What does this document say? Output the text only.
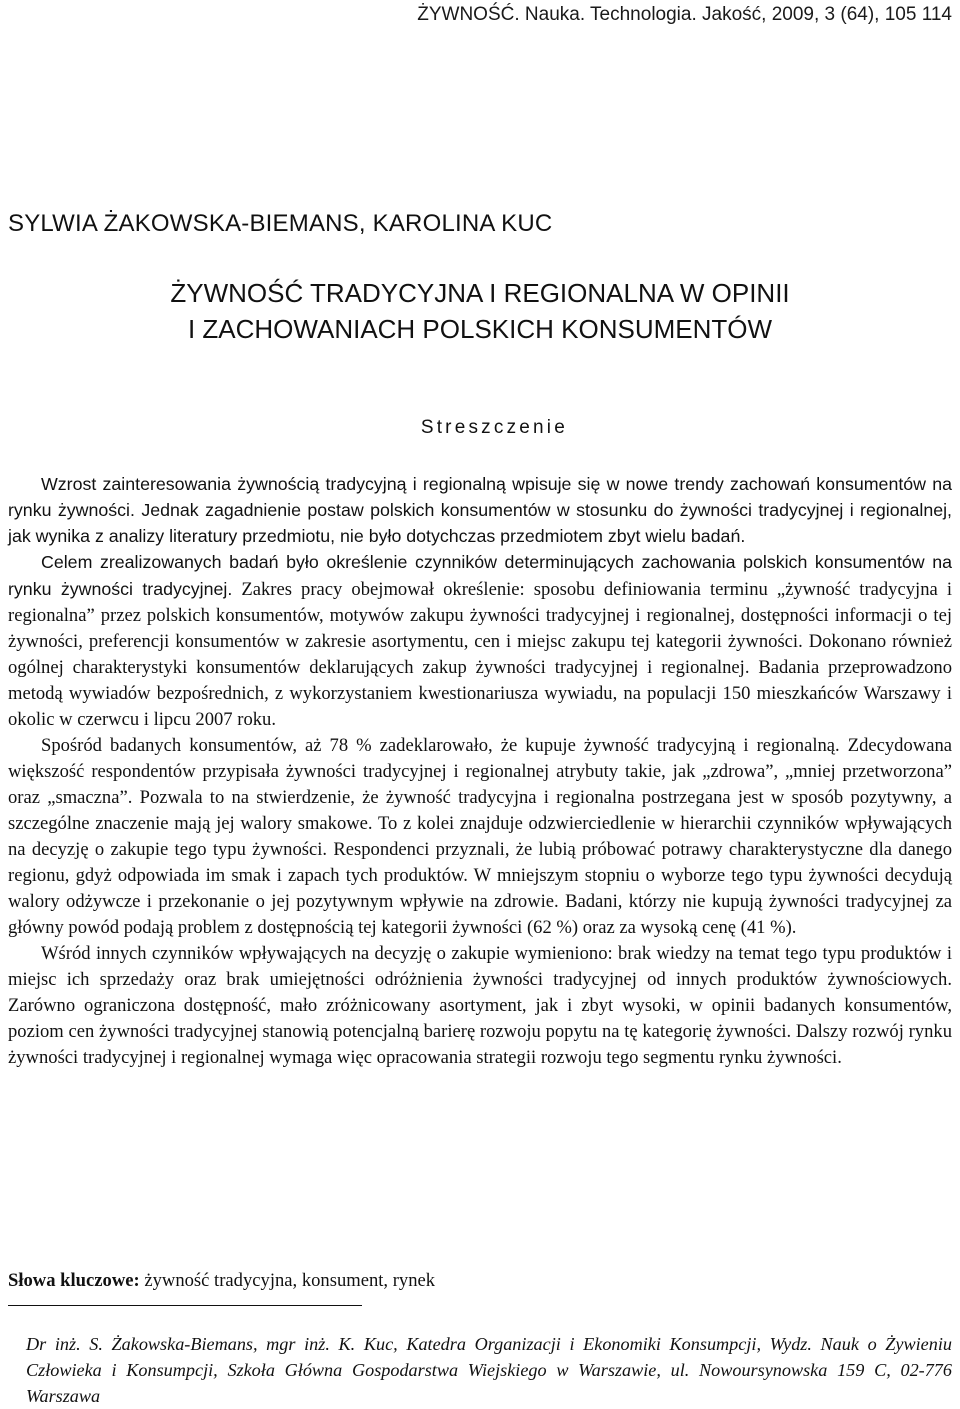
ŻYWNOŚĆ. Nauka. Technologia. Jakość, 2009, 3 (64), 105 114
SYLWIA ŻAKOWSKA-BIEMANS, KAROLINA KUC
ŻYWNOŚĆ TRADYCYJNA I REGIONALNA W OPINII
I ZACHOWANIACH POLSKICH KONSUMENTÓW
Streszczenie

Wzrost zainteresowania żywnością tradycyjną i regionalną wpisuje się w nowe trendy zachowań konsumentów na rynku żywności. Jednak zagadnienie postaw polskich konsumentów w stosunku do żywności tradycyjnej i regionalnej, jak wynika z analizy literatury przedmiotu, nie było dotychczas przedmiotem zbyt wielu badań.

Celem zrealizowanych badań było określenie czynników determinujących zachowania polskich konsumentów na rynku żywności tradycyjnej. Zakres pracy obejmował określenie: sposobu definiowania terminu „żywność tradycyjna i regionalna” przez polskich konsumentów, motywów zakupu żywności tradycyjnej i regionalnej, dostępności informacji o tej żywności, preferencji konsumentów w zakresie asortymentu, cen i miejsc zakupu tej kategorii żywności. Dokonano również ogólnej charakterystyki konsumentów deklarujących zakup żywności tradycyjnej i regionalnej. Badania przeprowadzono metodą wywiadów bezpośrednich, z wykorzystaniem kwestionariusza wywiadu, na populacji 150 mieszkańców Warszawy i okolic w czerwcu i lipcu 2007 roku.

Spośród badanych konsumentów, aż 78 % zadeklarowało, że kupuje żywność tradycyjną i regionalną. Zdecydowana większość respondentów przypisała żywności tradycyjnej i regionalnej atrybuty takie, jak „zdrowa”, „mniej przetworzona” oraz „smaczna”. Pozwala to na stwierdzenie, że żywność tradycyjna i regionalna postrzegana jest w sposób pozytywny, a szczególne znaczenie mają jej walory smakowe. To z kolei znajduje odzwierciedlenie w hierarchii czynników wpływających na decyzję o zakupie tego typu żywności. Respondenci przyznali, że lubią próbować potrawy charakterystyczne dla danego regionu, gdyż odpowiada im smak i zapach tych produktów. W mniejszym stopniu o wyborze tego typu żywności decydują walory odżywcze i przekonanie o jej pozytywnym wpływie na zdrowie. Badani, którzy nie kupują żywności tradycyjnej za główny powód podają problem z dostępnością tej kategorii żywności (62 %) oraz za wysoką cenę (41 %).

Wśród innych czynników wpływających na decyzję o zakupie wymieniono: brak wiedzy na temat tego typu produktów i miejsc ich sprzedaży oraz brak umiejętności odróżnienia żywności tradycyjnej od innych produktów żywnościowych. Zarówno ograniczona dostępność, mało zróżnicowany asortyment, jak i zbyt wysoki, w opinii badanych konsumentów, poziom cen żywności tradycyjnej stanowią potencjalną barierę rozwoju popytu na tę kategorię żywności. Dalszy rozwój rynku żywności tradycyjnej i regionalnej wymaga więc opracowania strategii rozwoju tego segmentu rynku żywności.

Słowa kluczowe: żywność tradycyjna, konsument, rynek
Dr inż. S. Żakowska-Biemans, mgr inż. K. Kuc, Katedra Organizacji i Ekonomiki Konsumpcji, Wydz. Nauk o Żywieniu Człowieka i Konsumpcji, Szkoła Główna Gospodarstwa Wiejskiego w Warszawie, ul. Nowoursynowska 159 C, 02-776 Warszawa
